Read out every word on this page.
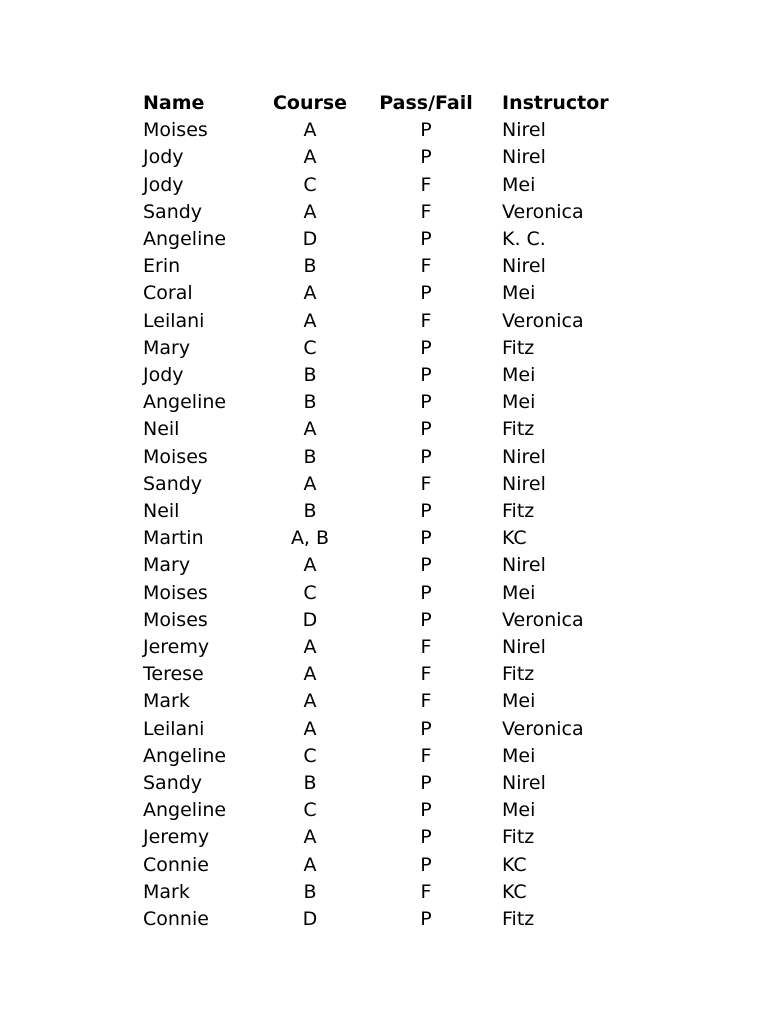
Name	Course	Pass/Fail	Instructor
Moises	A	P	Nirel
Jody	A	P	Nirel
Jody	C	F	Mei
Sandy	A	F	Veronica
Angeline	D	P	K. C.
Erin	B	F	Nirel
Coral	A	P	Mei
Leilani	A	F	Veronica
Mary	C	P	Fitz
Jody	B	P	Mei
Angeline	B	P	Mei
Neil	A	P	Fitz
Moises	B	P	Nirel
Sandy	A	F	Nirel
Neil	B	P	Fitz
Martin	A, B	P	KC
Mary	A	P	Nirel
Moises	C	P	Mei
Moises	D	P	Veronica
Jeremy	A	F	Nirel
Terese	A	F	Fitz
Mark	A	F	Mei
Leilani	A	P	Veronica
Angeline	C	F	Mei
Sandy	B	P	Nirel
Angeline	C	P	Mei
Jeremy	A	P	Fitz
Connie	A	P	KC
Mark	B	F	KC
Connie	D	P	Fitz
